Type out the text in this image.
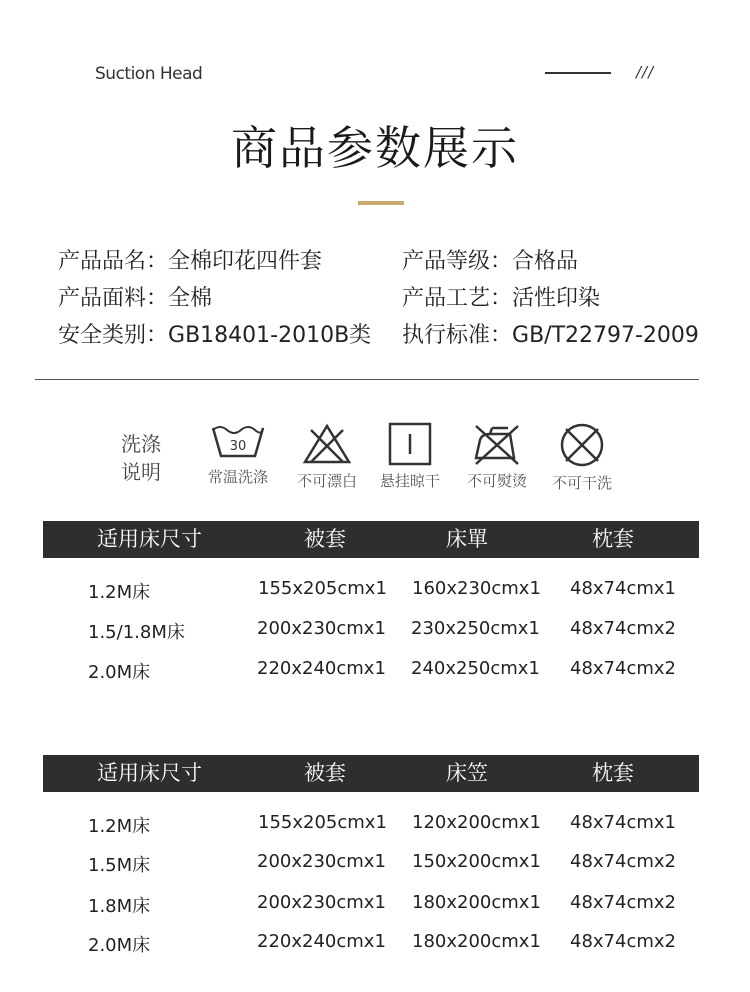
Suction Head	///
商品参数展示
产品品名：全棉印花四件套
产品面料：全棉
安全类别：GB18401-2010B类
产品等级：合格品
产品工艺：活性印染
执行标准：GB/T22797-2009
洗涤
说明
30
常温洗涤	不可漂白	悬挂晾干	不可熨烫	不可干洗
适用床尺寸	被套	床單	枕套
1.2M床	155x205cmx1 160x230cmx1 48x74cmx1
1.5/1.8M床	200x230cmx1 230x250cmx1 48x74cmx2
2.0M床	220x240cmx1 240x250cmx1 48x74cmx2
适用床尺寸	被套	床笠	枕套
1.2M床	155x205cmx1 120x200cmx1 48x74cmx1
1.5M床	200x230cmx1 150x200cmx1 48x74cmx2
1.8M床	200x230cmx1 180x200cmx1 48x74cmx2
2.0M床	220x240cmx1 180x200cmx1 48x74cmx2
